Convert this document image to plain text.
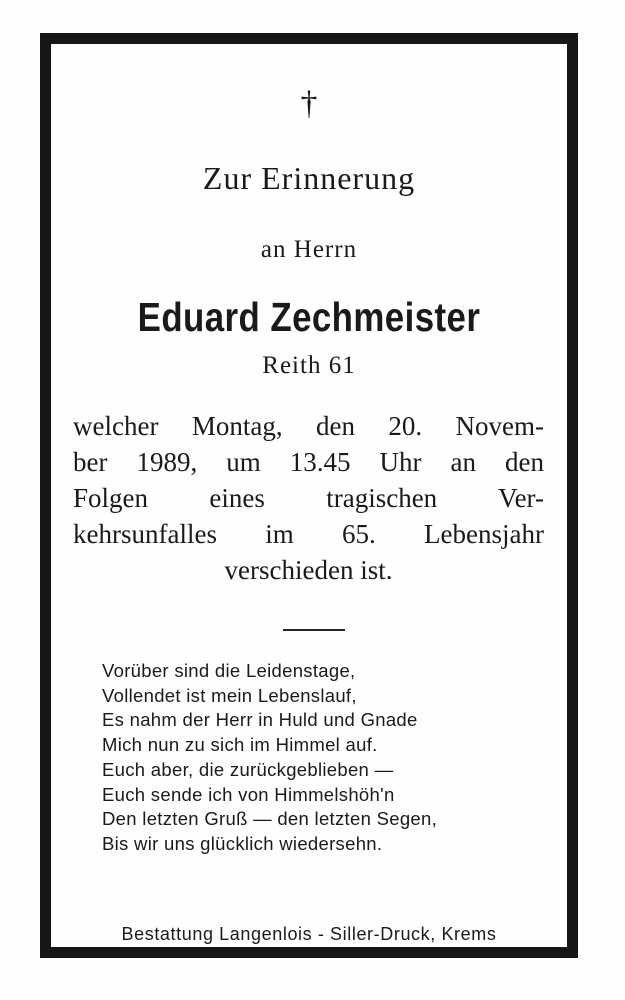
†
Zur Erinnerung
an Herrn
Eduard Zechmeister
Reith 61
welcher Montag, den 20. Novem-
ber 1989, um 13.45 Uhr an den
Folgen eines tragischen Ver-
kehrsunfalles im 65. Lebensjahr
verschieden ist.
Vorüber sind die Leidenstage,
Vollendet ist mein Lebenslauf,
Es nahm der Herr in Huld und Gnade
Mich nun zu sich im Himmel auf.
Euch aber, die zurückgeblieben —
Euch sende ich von Himmelshöh'n
Den letzten Gruß — den letzten Segen,
Bis wir uns glücklich wiedersehn.
Bestattung Langenlois - Siller-Druck, Krems
